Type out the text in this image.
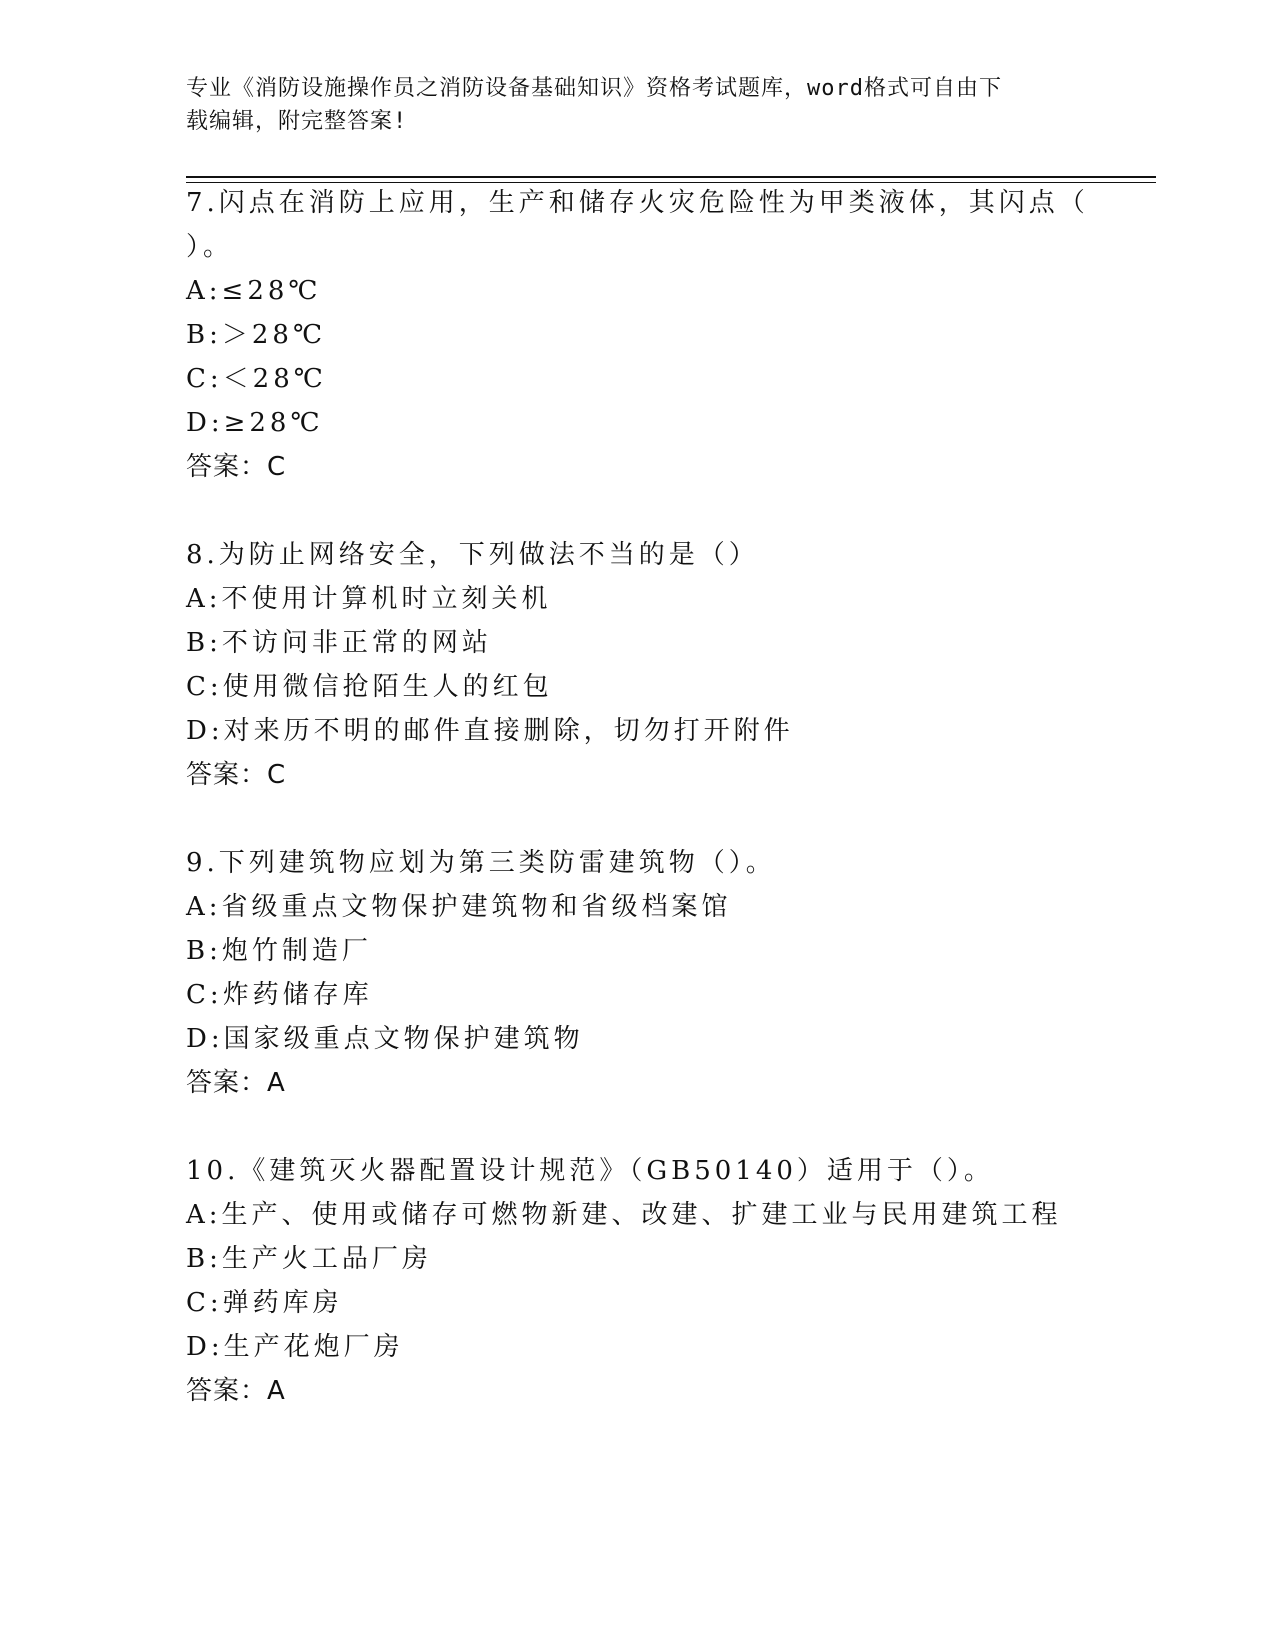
专业《消防设施操作员之消防设备基础知识》资格考试题库，word格式可自由下
载编辑，附完整答案!
7.闪点在消防上应用，生产和储存火灾危险性为甲类液体，其闪点（
）。
A:≤28℃
B:＞28℃
C:＜28℃
D:≥28℃
答案：C
8.为防止网络安全，下列做法不当的是（）
A:不使用计算机时立刻关机
B:不访问非正常的网站
C:使用微信抢陌生人的红包
D:对来历不明的邮件直接删除，切勿打开附件
答案：C
9.下列建筑物应划为第三类防雷建筑物（）。
A:省级重点文物保护建筑物和省级档案馆
B:炮竹制造厂
C:炸药储存库
D:国家级重点文物保护建筑物
答案：A
10.《建筑灭火器配置设计规范》（GB50140）适用于（）。
A:生产、使用或储存可燃物新建、改建、扩建工业与民用建筑工程
B:生产火工品厂房
C:弹药库房
D:生产花炮厂房
答案：A
